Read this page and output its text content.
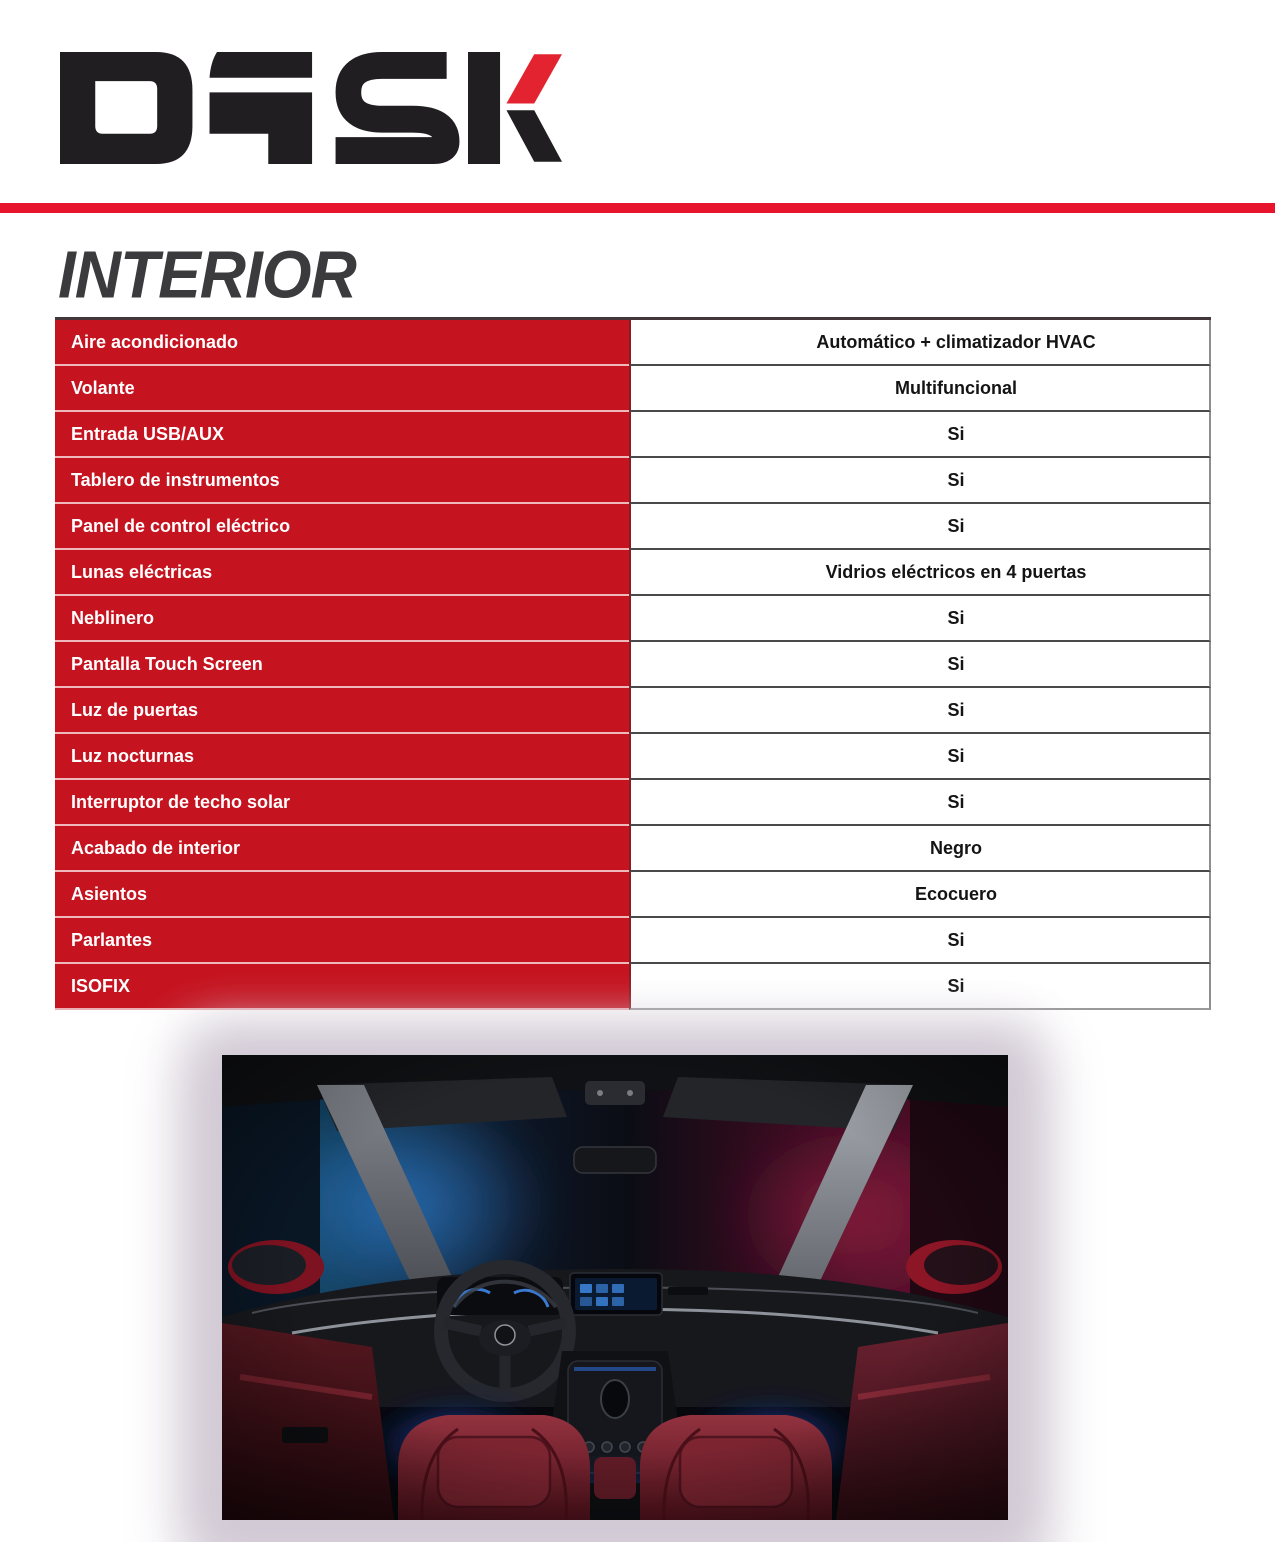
INTERIOR
Aire acondicionado	Automático + climatizador HVAC
Volante	Multifuncional
Entrada USB/AUX	Si
Tablero de instrumentos	Si
Panel de control eléctrico	Si
Lunas eléctricas	Vidrios eléctricos en 4 puertas
Neblinero	Si
Pantalla Touch Screen	Si
Luz de puertas	Si
Luz nocturnas	Si
Interruptor de techo solar	Si
Acabado de interior	Negro
Asientos	Ecocuero
Parlantes	Si
ISOFIX	Si
